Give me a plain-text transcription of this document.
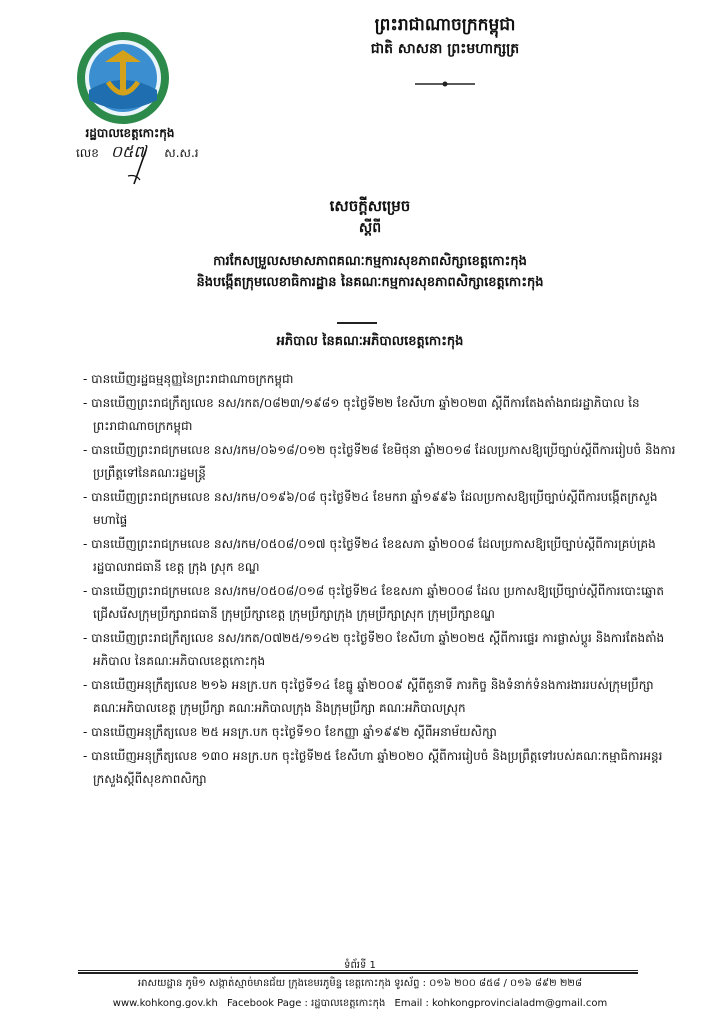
ព្រះរាជាណាចក្រកម្ពុជា
ជាតិ សាសនា ព្រះមហាក្សត្រ
រដ្ឋបាលខេត្តកោះកុង
លេខ ០៥៧ ស.ស.រ
សេចក្តីសម្រេច
ស្តីពី
ការកែសម្រួលសមាសភាពគណៈកម្មការសុខភាពសិក្សាខេត្តកោះកុង
និងបង្កើតក្រុមលេខាធិការដ្ឋាន នៃគណៈកម្មការសុខភាពសិក្សាខេត្តកោះកុង
អភិបាល នៃគណៈអភិបាលខេត្តកោះកុង
- បានឃើញរដ្ឋធម្មនុញ្ញនៃព្រះរាជាណាចក្រកម្ពុជា
- បានឃើញព្រះរាជក្រឹត្យលេខ នស/រកត/០៨២៣/១៩៨១ ចុះថ្ងៃទី២២ ខែសីហា ឆ្នាំ២០២៣ ស្តីពីការតែងតាំងរាជរដ្ឋាភិបាល នៃព្រះរាជាណាចក្រកម្ពុជា
- បានឃើញព្រះរាជក្រមលេខ នស/រកម/០៦១៨/០១២ ចុះថ្ងៃទី២៨ ខែមិថុនា ឆ្នាំ២០១៨ ដែលប្រកាសឱ្យប្រើច្បាប់ស្តីពីការរៀបចំ និងការប្រព្រឹត្តទៅនៃគណៈរដ្ឋមន្ត្រី
- បានឃើញព្រះរាជក្រមលេខ នស/រកម/០១៩៦/០៨ ចុះថ្ងៃទី២៤ ខែមករា ឆ្នាំ១៩៩៦ ដែលប្រកាសឱ្យប្រើច្បាប់ស្តីពីការបង្កើតក្រសួងមហាផ្ទៃ
- បានឃើញព្រះរាជក្រមលេខ នស/រកម/០៥០៨/០១៧ ចុះថ្ងៃទី២៤ ខែឧសភា ឆ្នាំ២០០៨ ដែលប្រកាសឱ្យប្រើច្បាប់ស្តីពីការគ្រប់គ្រងរដ្ឋបាលរាជធានី ខេត្ត ក្រុង ស្រុក ខណ្ឌ
- បានឃើញព្រះរាជក្រមលេខ នស/រកម/០៥០៨/០១៨ ចុះថ្ងៃទី២៤ ខែឧសភា ឆ្នាំ២០០៨ ដែល ប្រកាសឱ្យប្រើច្បាប់ស្តីពីការបោះឆ្នោតជ្រើសរើសក្រុមប្រឹក្សារាជធានី ក្រុមប្រឹក្សាខេត្ត ក្រុមប្រឹក្សាក្រុង ក្រុមប្រឹក្សាស្រុក ក្រុមប្រឹក្សាខណ្ឌ
- បានឃើញព្រះរាជក្រឹត្យលេខ នស/រកត/០៧២៥/១១៤២ ចុះថ្ងៃទី២០ ខែសីហា ឆ្នាំ២០២៥ ស្តីពីការផ្ទេរ ការផ្លាស់ប្តូរ និងការតែងតាំងអភិបាល នៃគណៈអភិបាលខេត្តកោះកុង
- បានឃើញអនុក្រឹត្យលេខ ២១៦ អនក្រ.បក ចុះថ្ងៃទី១៤ ខែធ្នូ ឆ្នាំ២០០៩ ស្តីពីតួនាទី ភារកិច្ច និងទំនាក់ទំនងការងាររបស់ក្រុមប្រឹក្សា គណៈអភិបាលខេត្ត ក្រុមប្រឹក្សា គណៈអភិបាលក្រុង និងក្រុមប្រឹក្សា គណៈអភិបាលស្រុក
- បានឃើញអនុក្រឹត្យលេខ ២៥ អនក្រ.បក ចុះថ្ងៃទី១០ ខែកញ្ញា ឆ្នាំ១៩៩២ ស្តីពីអនាម័យសិក្សា
- បានឃើញអនុក្រឹត្យលេខ ១៣០ អនក្រ.បក ចុះថ្ងៃទី២៥ ខែសីហា ឆ្នាំ២០២០ ស្តីពីការរៀបចំ និងប្រព្រឹត្តទៅរបស់គណៈកម្មាធិការអន្តរក្រសួងស្តីពីសុខភាពសិក្សា
ទំព័រទី 1
អាសយដ្ឋាន ភូមិ១ សង្កាត់ស្មាច់មានជ័យ ក្រុងខេមរភូមិន្ទ ខេត្តកោះកុង ទូរស័ព្ទ : ០១៦ ២០០ ៨៥៨ / ០១៦ ៨៩២ ២២៨
www.kohkong.gov.kh Facebook Page : រដ្ឋបាលខេត្តកោះកុង Email : kohkongprovincialadm@gmail.com
